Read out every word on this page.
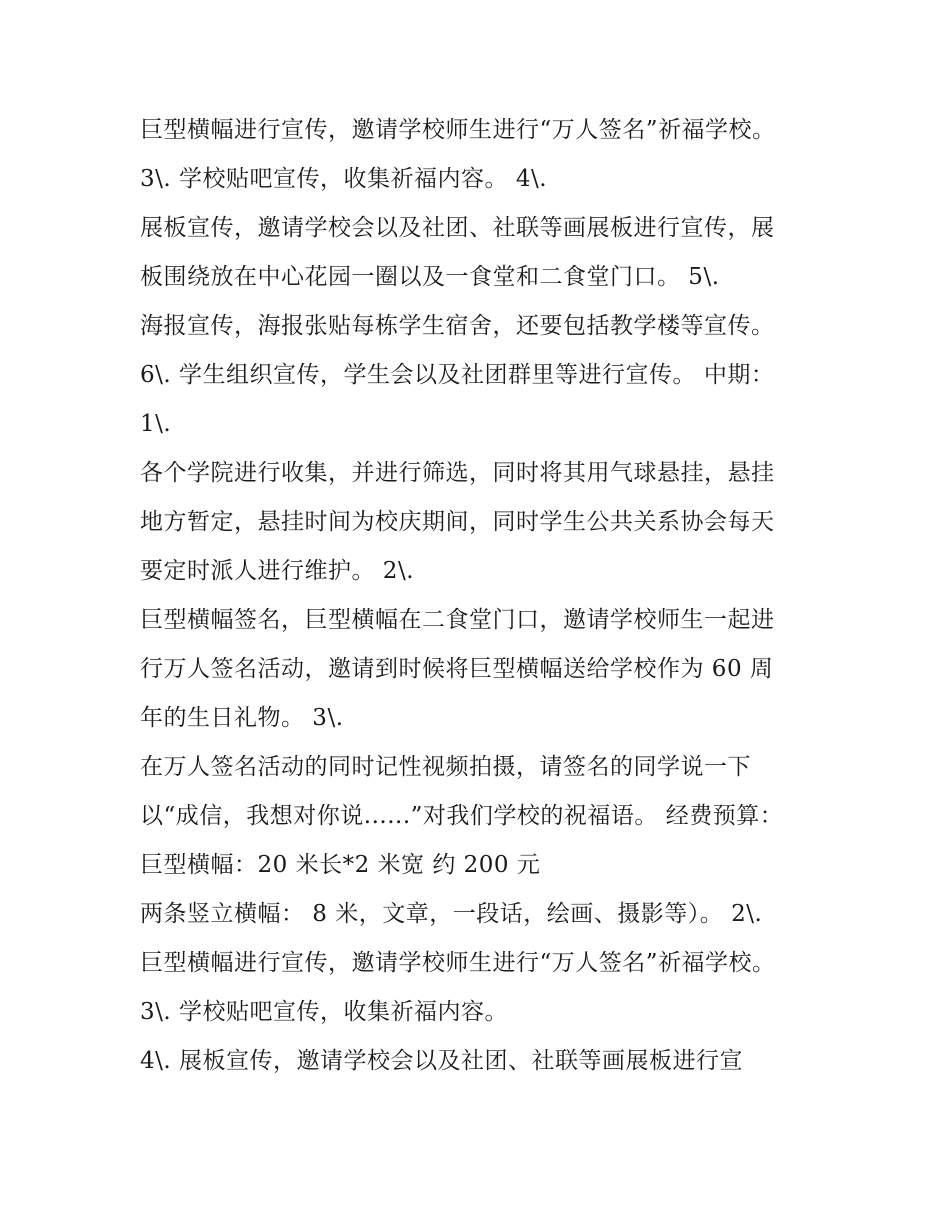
巨型横幅进行宣传，邀请学校师生进行“万人签名”祈福学校。
3\. 学校贴吧宣传，收集祈福内容。 4\.
展板宣传，邀请学校会以及社团、社联等画展板进行宣传，展
板围绕放在中心花园一圈以及一食堂和二食堂门口。 5\.
海报宣传，海报张贴每栋学生宿舍，还要包括教学楼等宣传。
6\. 学生组织宣传，学生会以及社团群里等进行宣传。 中期：
1\.
各个学院进行收集，并进行筛选，同时将其用气球悬挂，悬挂
地方暂定，悬挂时间为校庆期间，同时学生公共关系协会每天
要定时派人进行维护。 2\.
巨型横幅签名，巨型横幅在二食堂门口，邀请学校师生一起进
行万人签名活动，邀请到时候将巨型横幅送给学校作为 60 周
年的生日礼物。 3\.
在万人签名活动的同时记性视频拍摄，请签名的同学说一下
以“成信，我想对你说......”对我们学校的祝福语。 经费预算：
巨型横幅：20 米长*2 米宽 约 200 元
两条竖立横幅： 8 米，文章，一段话，绘画、摄影等）。 2\.
巨型横幅进行宣传，邀请学校师生进行“万人签名”祈福学校。
3\. 学校贴吧宣传，收集祈福内容。
4\. 展板宣传，邀请学校会以及社团、社联等画展板进行宣
